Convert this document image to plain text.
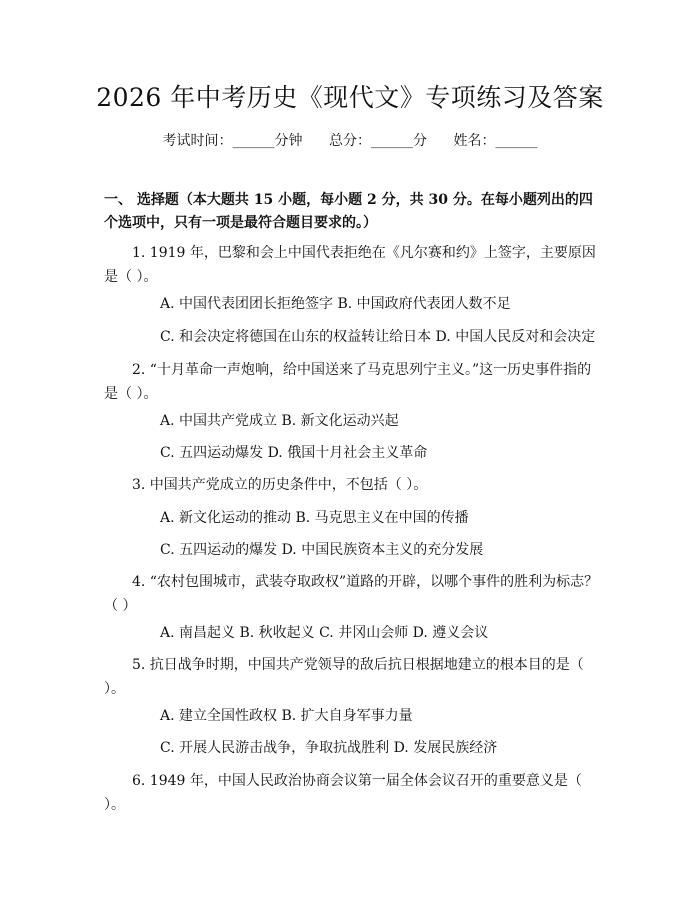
2026 年中考历史《现代文》专项练习及答案
考试时间：______分钟 总分：______分 姓名：______

一、 选择题（本大题共 15 小题，每小题 2 分，共 30 分。在每小题列出的四个选项中，只有一项是最符合题目要求的。）

1. 1919 年，巴黎和会上中国代表拒绝在《凡尔赛和约》上签字，主要原因是（ ）。

A. 中国代表团团长拒绝签字 B. 中国政府代表团人数不足

C. 和会决定将德国在山东的权益转让给日本 D. 中国人民反对和会决定

2. “十月革命一声炮响，给中国送来了马克思列宁主义。”这一历史事件指的是（ ）。

A. 中国共产党成立 B. 新文化运动兴起

C. 五四运动爆发 D. 俄国十月社会主义革命

3. 中国共产党成立的历史条件中，不包括（ ）。

A. 新文化运动的推动 B. 马克思主义在中国的传播

C. 五四运动的爆发 D. 中国民族资本主义的充分发展

4. “农村包围城市，武装夺取政权”道路的开辟，以哪个事件的胜利为标志？（ ）

A. 南昌起义 B. 秋收起义 C. 井冈山会师 D. 遵义会议

5. 抗日战争时期，中国共产党领导的敌后抗日根据地建立的根本目的是（ ）。

A. 建立全国性政权 B. 扩大自身军事力量

C. 开展人民游击战争，争取抗战胜利 D. 发展民族经济

6. 1949 年，中国人民政治协商会议第一届全体会议召开的重要意义是（ ）。
